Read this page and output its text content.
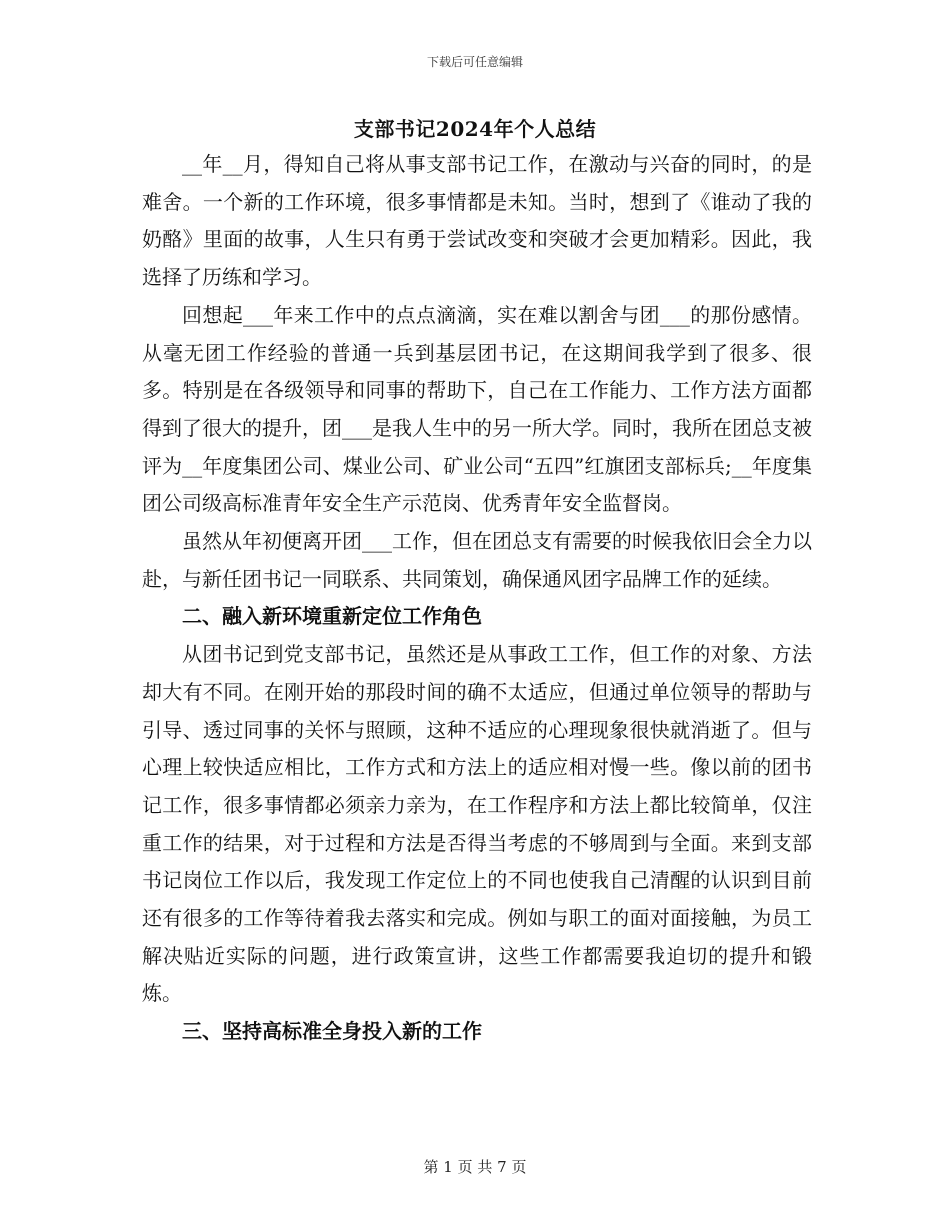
下载后可任意编辑
支部书记2024年个人总结

__年__月，得知自己将从事支部书记工作，在激动与兴奋的同时，的是难舍。一个新的工作环境，很多事情都是未知。当时，想到了《谁动了我的奶酪》里面的故事，人生只有勇于尝试改变和突破才会更加精彩。因此，我选择了历练和学习。

回想起___年来工作中的点点滴滴，实在难以割舍与团___的那份感情。从毫无团工作经验的普通一兵到基层团书记，在这期间我学到了很多、很多。特别是在各级领导和同事的帮助下，自己在工作能力、工作方法方面都得到了很大的提升，团___是我人生中的另一所大学。同时，我所在团总支被评为__年度集团公司、煤业公司、矿业公司“五四”红旗团支部标兵;__年度集团公司级高标准青年安全生产示范岗、优秀青年安全监督岗。

虽然从年初便离开团___工作，但在团总支有需要的时候我依旧会全力以赴，与新任团书记一同联系、共同策划，确保通风团字品牌工作的延续。

二、融入新环境重新定位工作角色

从团书记到党支部书记，虽然还是从事政工工作，但工作的对象、方法却大有不同。在刚开始的那段时间的确不太适应，但通过单位领导的帮助与引导、透过同事的关怀与照顾，这种不适应的心理现象很快就消逝了。但与心理上较快适应相比，工作方式和方法上的适应相对慢一些。像以前的团书记工作，很多事情都必须亲力亲为，在工作程序和方法上都比较简单，仅注重工作的结果，对于过程和方法是否得当考虑的不够周到与全面。来到支部书记岗位工作以后，我发现工作定位上的不同也使我自己清醒的认识到目前还有很多的工作等待着我去落实和完成。例如与职工的面对面接触，为员工解决贴近实际的问题，进行政策宣讲，这些工作都需要我迫切的提升和锻炼。

三、坚持高标准全身投入新的工作
第 1 页 共 7 页
